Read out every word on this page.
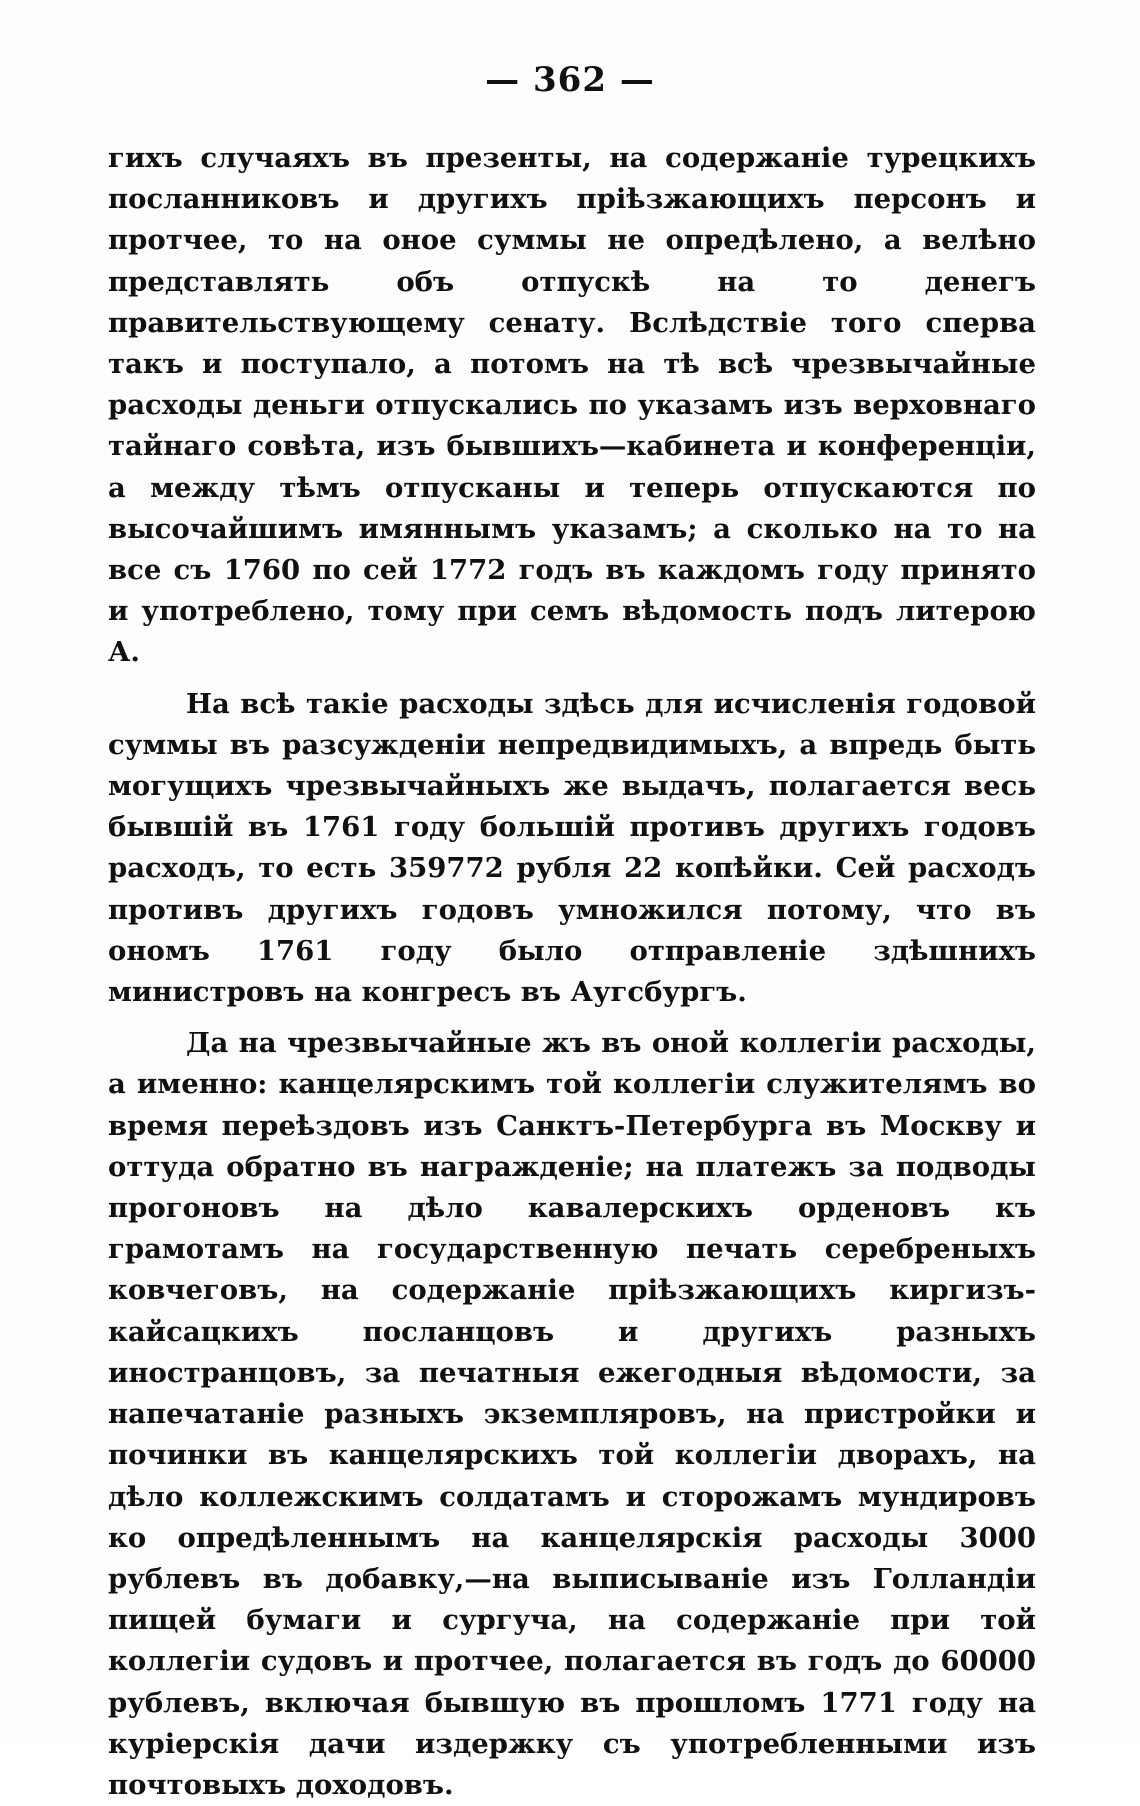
— 362 —

гихъ случаяхъ въ презенты, на содержаніе турецкихъ посланниковъ и другихъ пріѣзжающихъ персонъ и протчее, то на оное суммы не опредѣлено, а велѣно представлять объ отпускѣ на то денегъ правительствующему сенату. Вслѣдствіе того сперва такъ и поступало, а потомъ на тѣ всѣ чрезвычайные расходы деньги отпускались по указамъ изъ верховнаго тайнаго совѣта, изъ бывшихъ—кабинета и конференціи, а между тѣмъ отпусканы и теперь отпускаются по высочайшимъ имяннымъ указамъ; а сколько на то на все съ 1760 по сей 1772 годъ въ каждомъ году принято и употреблено, тому при семъ вѣдомость подъ литерою А.

На всѣ такіе расходы здѣсь для исчисленія годовой суммы въ разсужденіи непредвидимыхъ, а впредь быть могущихъ чрезвычайныхъ же выдачъ, полагается весь бывшій въ 1761 году большій противъ другихъ годовъ расходъ, то есть 359772 рубля 22 копѣйки. Сей расходъ противъ другихъ годовъ умножился потому, что въ ономъ 1761 году было отправленіе здѣшнихъ министровъ на конгресъ въ Аугсбургъ.

Да на чрезвычайные жъ въ оной коллегіи расходы, а именно: канцелярскимъ той коллегіи служителямъ во время переѣздовъ изъ Санктъ-Петербурга въ Москву и оттуда обратно въ награжденіе; на платежъ за подводы прогоновъ на дѣло кавалерскихъ орденовъ къ грамотамъ на государственную печать серебреныхъ ковчеговъ, на содержаніе пріѣзжающихъ киргизъ-кайсацкихъ посланцовъ и другихъ разныхъ иностранцовъ, за печатныя ежегодныя вѣдомости, за напечатаніе разныхъ экземпляровъ, на пристройки и починки въ канцелярскихъ той коллегіи дворахъ, на дѣло коллежскимъ солдатамъ и сторожамъ мундировъ ко опредѣленнымъ на канцелярскія расходы 3000 рублевъ въ добавку,—на выписываніе изъ Голландіи пищей бумаги и сургуча, на содержаніе при той коллегіи судовъ и протчее, полагается въ годъ до 60000 рублевъ, включая бывшую въ прошломъ 1771 году на куріерскія дачи издержку съ употребленными изъ почтовыхъ доходовъ.
